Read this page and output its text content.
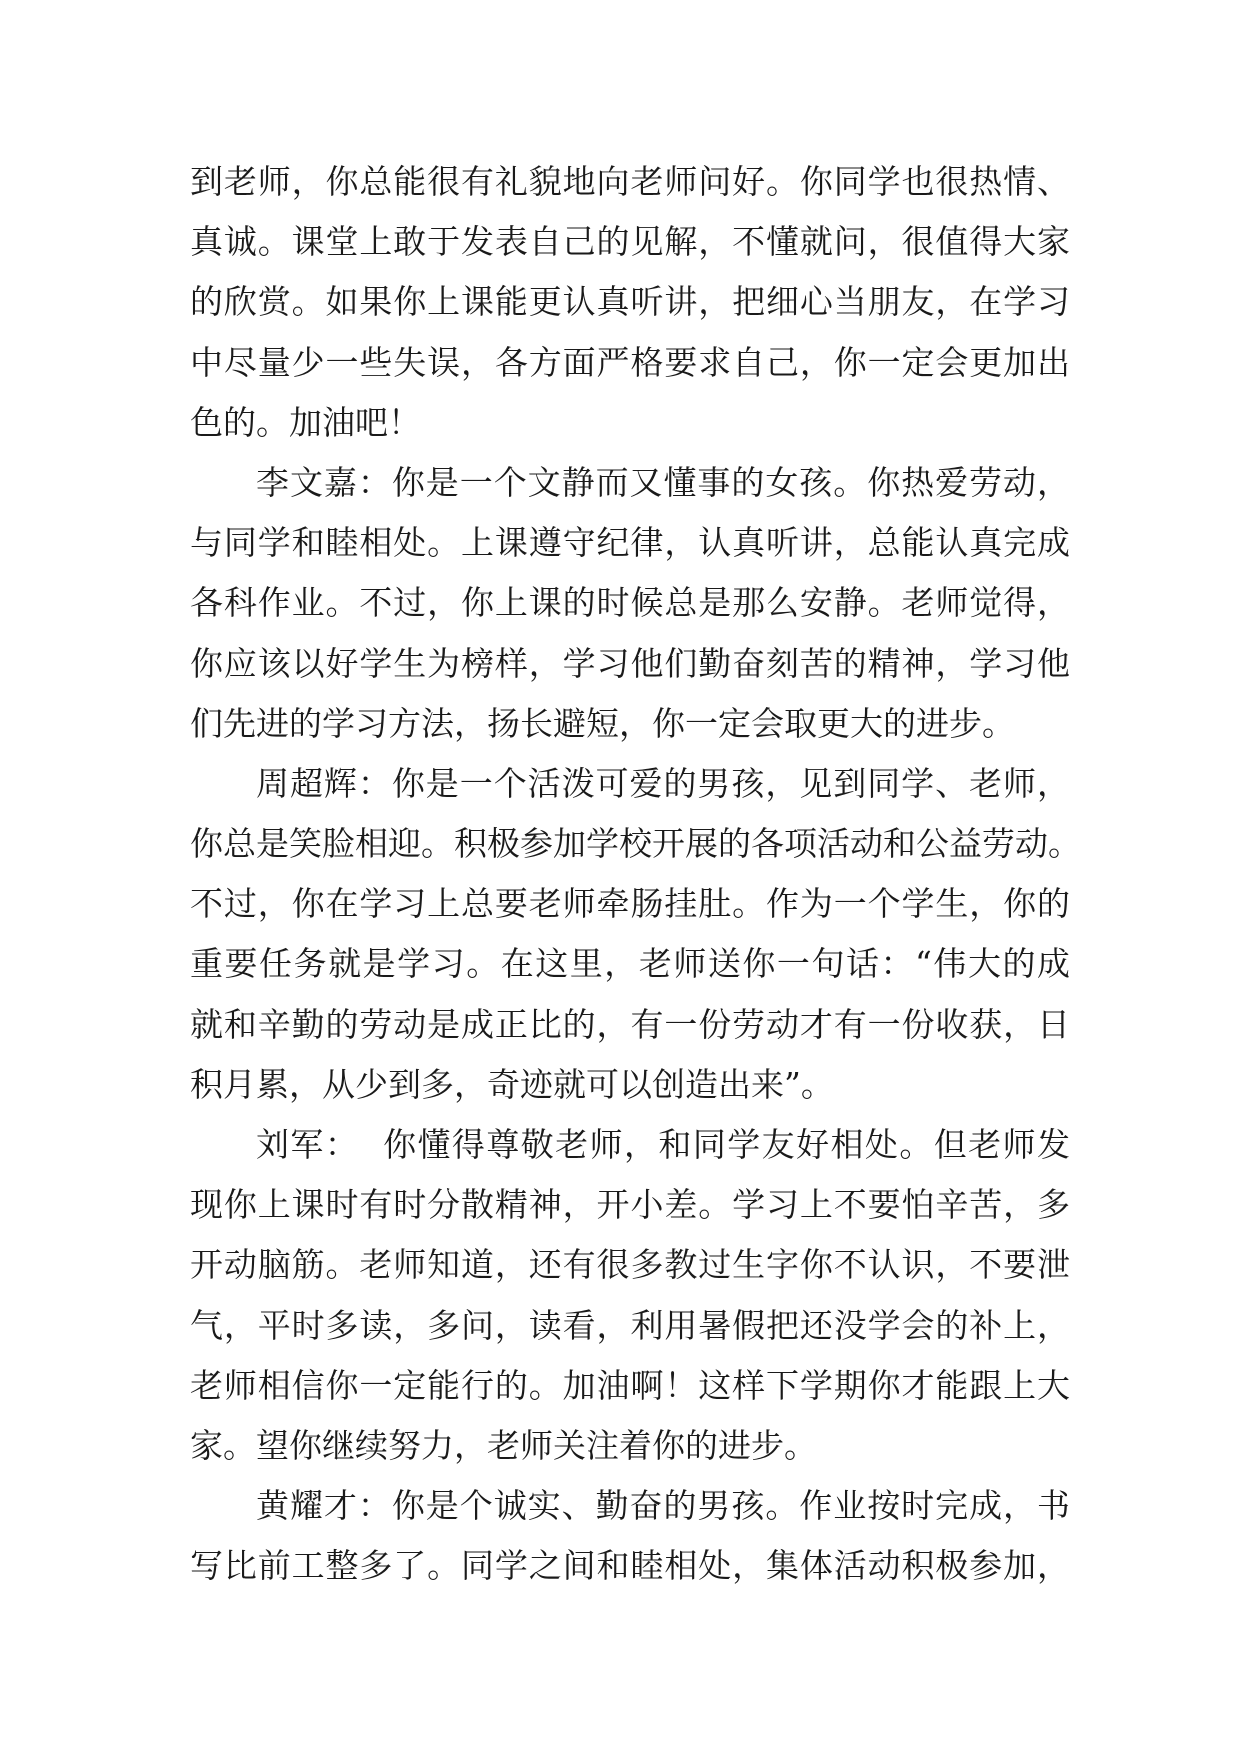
到老师，你总能很有礼貌地向老师问好。你同学也很热情、
真诚。课堂上敢于发表自己的见解，不懂就问，很值得大家
的欣赏。如果你上课能更认真听讲，把细心当朋友，在学习
中尽量少一些失误，各方面严格要求自己，你一定会更加出
色的。加油吧！
李文嘉：你是一个文静而又懂事的女孩。你热爱劳动，
与同学和睦相处。上课遵守纪律，认真听讲，总能认真完成
各科作业。不过，你上课的时候总是那么安静。老师觉得，
你应该以好学生为榜样，学习他们勤奋刻苦的精神，学习他
们先进的学习方法，扬长避短，你一定会取更大的进步。
周超辉：你是一个活泼可爱的男孩，见到同学、老师，
你总是笑脸相迎。积极参加学校开展的各项活动和公益劳动。
不过，你在学习上总要老师牵肠挂肚。作为一个学生，你的
重要任务就是学习。在这里，老师送你一句话：“伟大的成
就和辛勤的劳动是成正比的，有一份劳动才有一份收获，日
积月累，从少到多，奇迹就可以创造出来”。
刘军：  你懂得尊敬老师，和同学友好相处。但老师发
现你上课时有时分散精神，开小差。学习上不要怕辛苦，多
开动脑筋。老师知道，还有很多教过生字你不认识，不要泄
气，平时多读，多问，读看，利用暑假把还没学会的补上，
老师相信你一定能行的。加油啊！这样下学期你才能跟上大
家。望你继续努力，老师关注着你的进步。
黄耀才：你是个诚实、勤奋的男孩。作业按时完成，书
写比前工整多了。同学之间和睦相处，集体活动积极参加，
